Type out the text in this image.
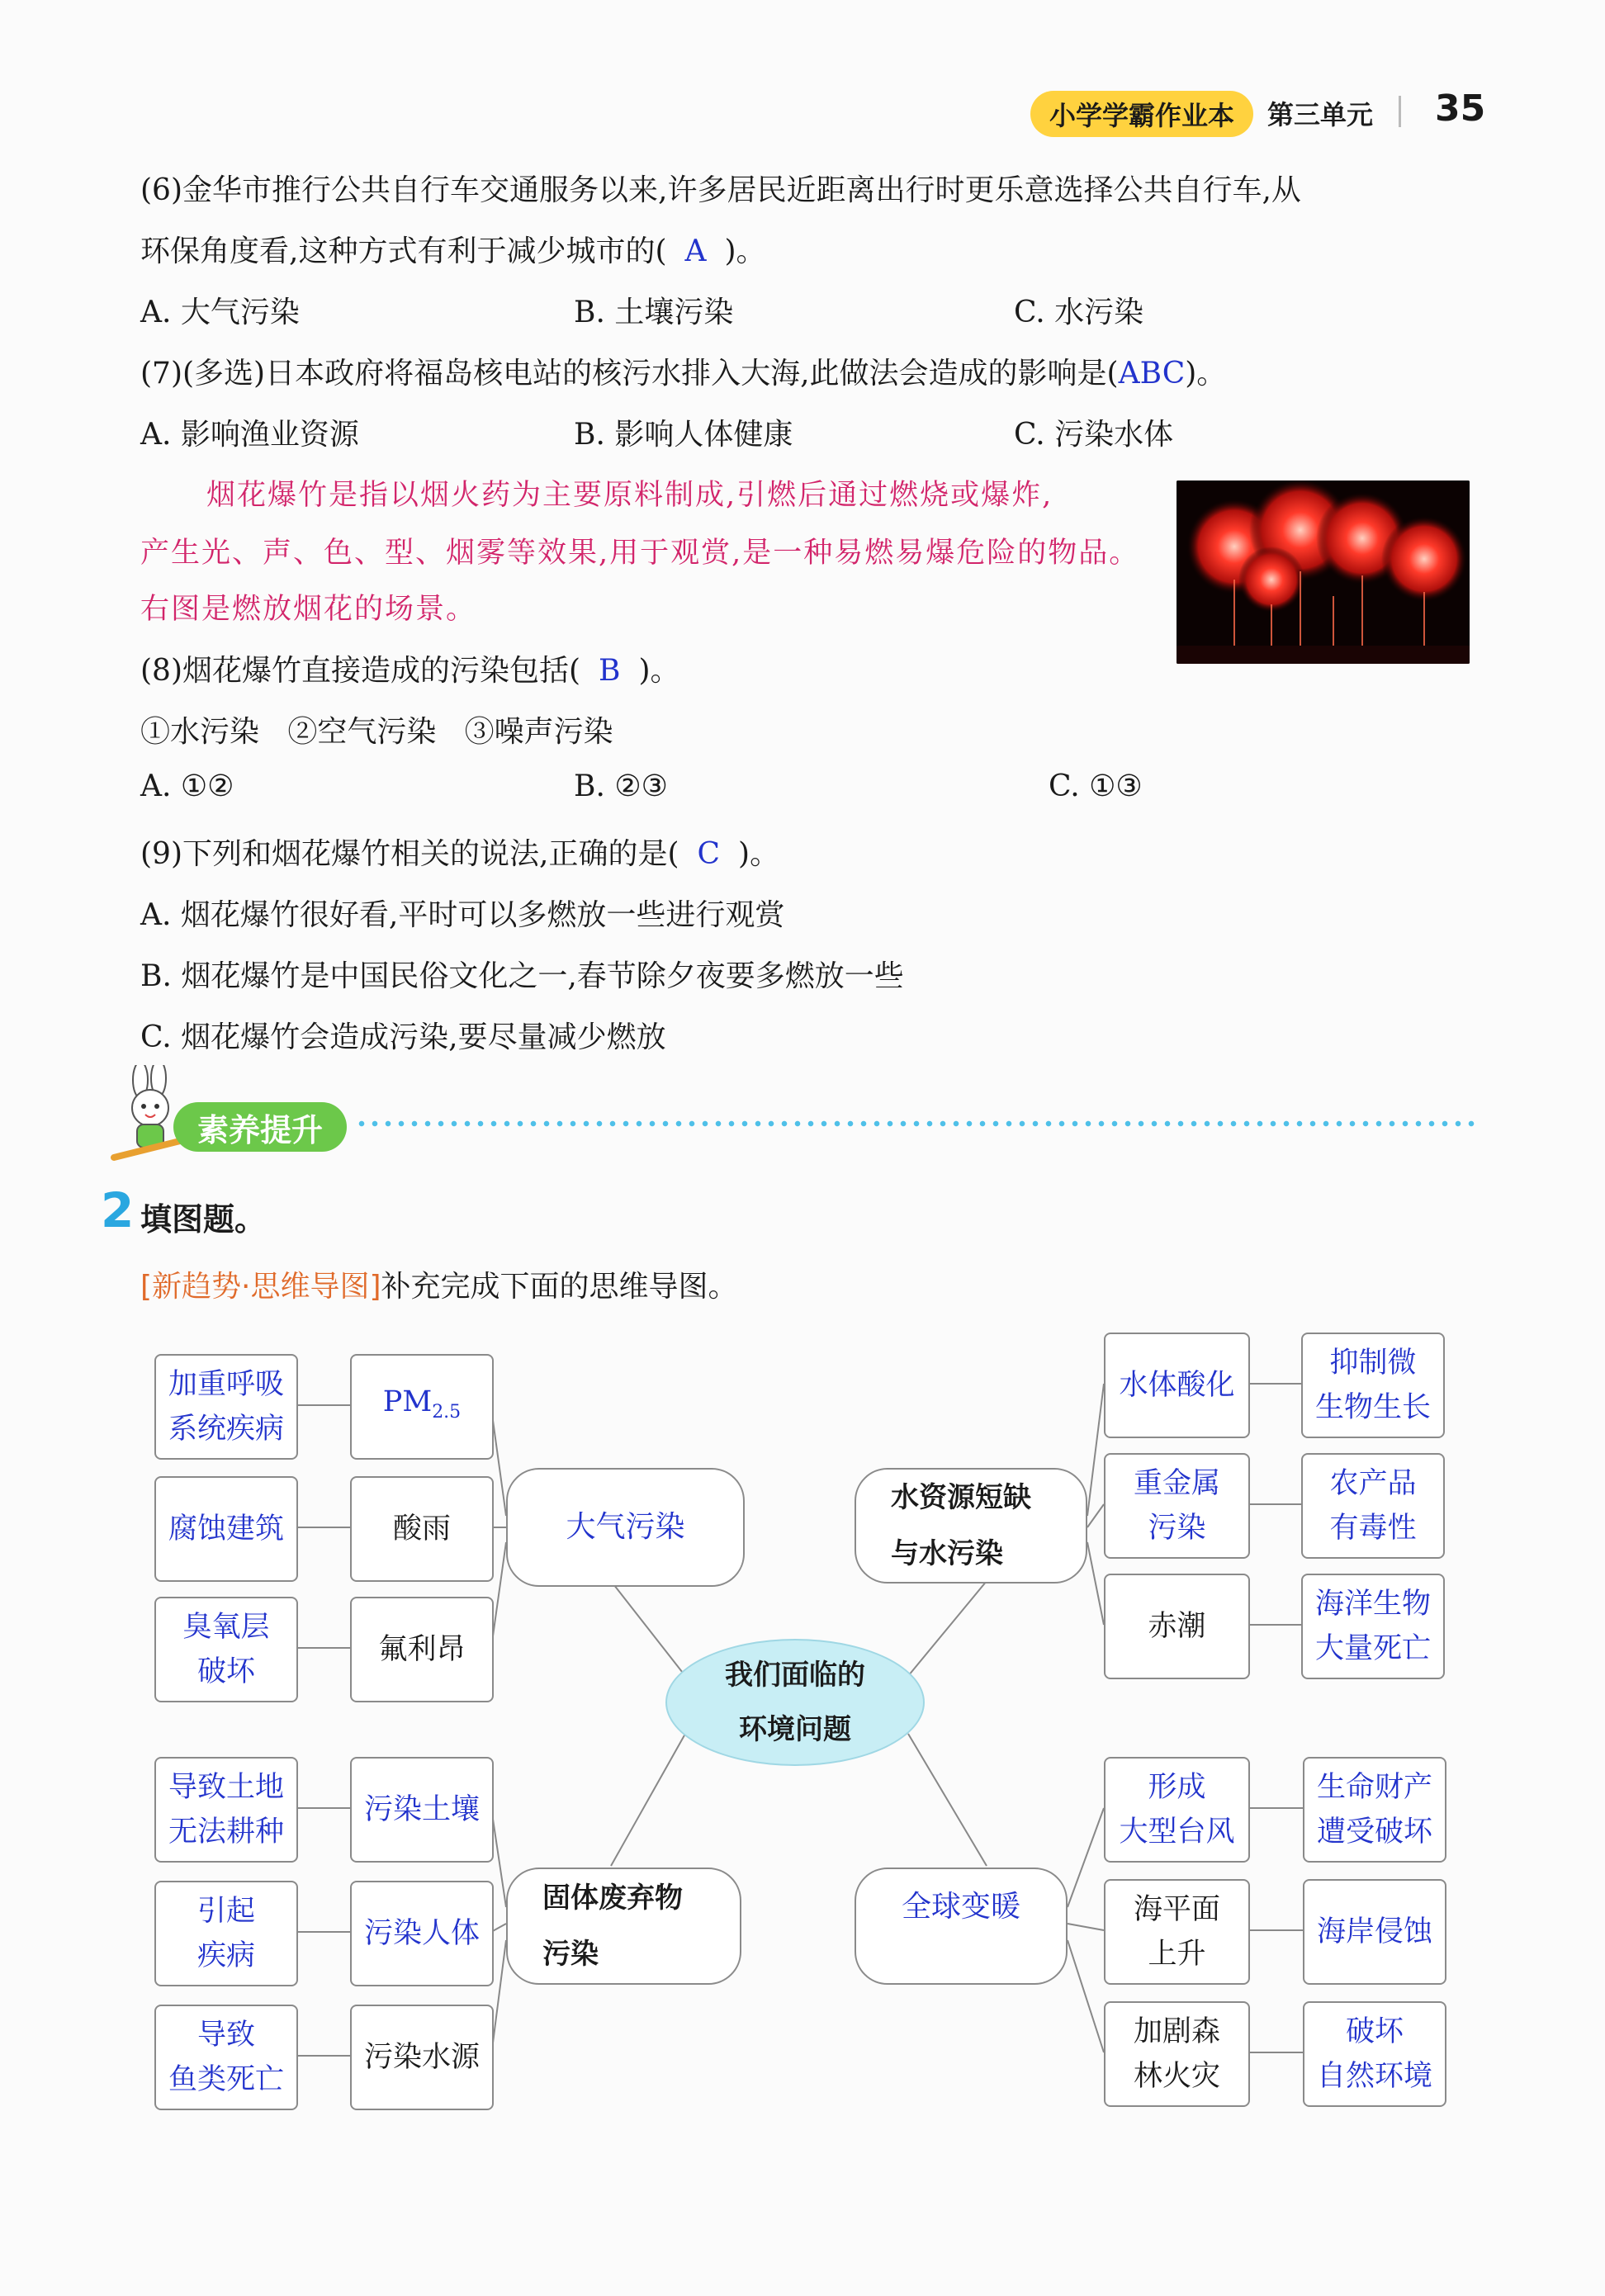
小学学霸作业本	第三单元 35
(6)金华市推行公共自行车交通服务以来,许多居民近距离出行时更乐意选择公共自行车,从
环保角度看,这种方式有利于减少城市的( A )。
A. 大气污染	B. 土壤污染	C. 水污染
(7)(多选)日本政府将福岛核电站的核污水排入大海,此做法会造成的影响是(ABC)。
A. 影响渔业资源	B. 影响人体健康	C. 污染水体
烟花爆竹是指以烟火药为主要原料制成,引燃后通过燃烧或爆炸,
产生光、声、色、型、烟雾等效果,用于观赏,是一种易燃易爆危险的物品。
右图是燃放烟花的场景。
(8)烟花爆竹直接造成的污染包括( B )。
①水污染   ②空气污染   ③噪声污染
A. ①②	B. ②③	C. ①③
(9)下列和烟花爆竹相关的说法,正确的是( C )。
A. 烟花爆竹很好看,平时可以多燃放一些进行观赏
B. 烟花爆竹是中国民俗文化之一,春节除夕夜要多燃放一些
C. 烟花爆竹会造成污染,要尽量减少燃放
素养提升
2 填图题。
[新趋势·思维导图]补充完成下面的思维导图。
我们面临的
环境问题
大气污染
水资源短缺
与水污染
固体废弃物
污染
全球变暖
$PM_{2.5}$
酸雨
氟利昂
加重呼吸
系统疾病
腐蚀建筑
臭氧层
破坏
水体酸化
重金属
污染
赤潮
抑制微
生物生长
农产品
有毒性
海洋生物
大量死亡
污染土壤
污染人体
污染水源
导致土地
无法耕种
引起
疾病
导致
鱼类死亡
形成
大型台风
海平面
上升
加剧森
林火灾
生命财产
遭受破坏
海岸侵蚀
破坏
自然环境
